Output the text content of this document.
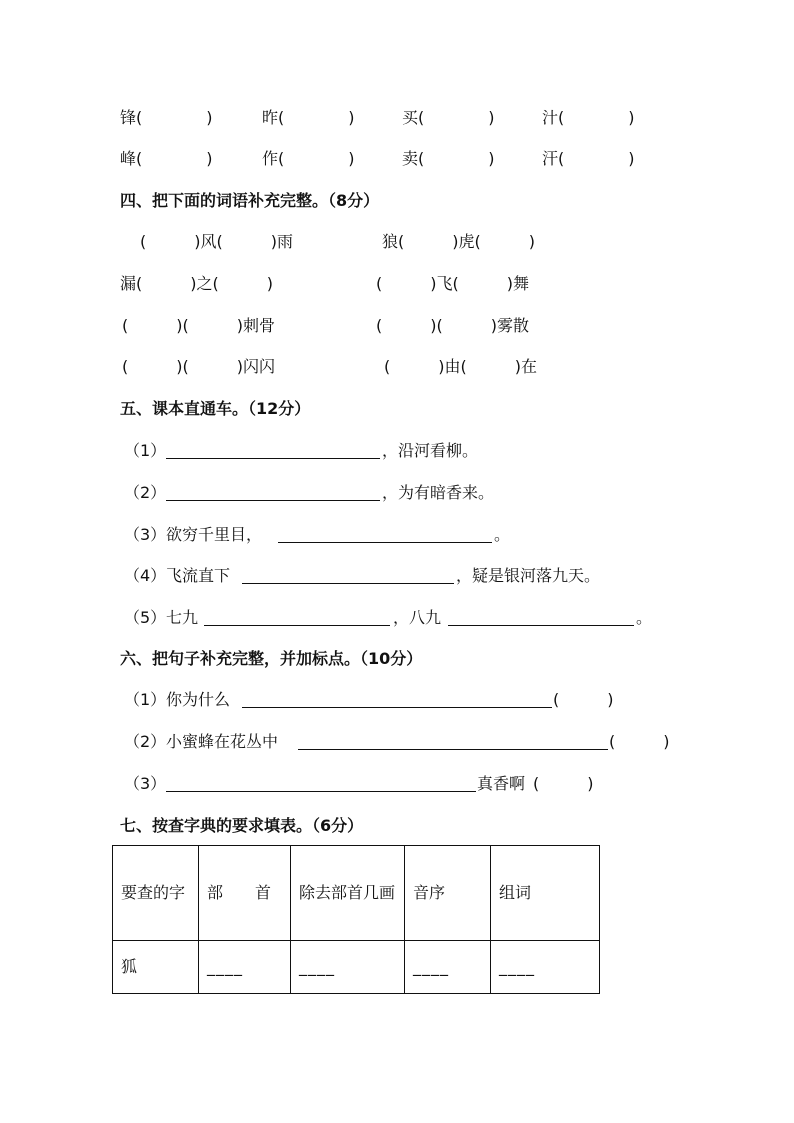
锋(　　　　)	昨(　　　　)	买(　　　　)	汁(　　　　)
峰(　　　　)	作(　　　　)	卖(　　　　)	汗(　　　　)
四、把下面的词语补充完整。（8分）
(　　　)风(　　　)雨	狼(　　　)虎(　　　)
漏(　　　)之(　　　)	(　　　)飞(　　　)舞
(　　　)(　　　)刺骨	(　　　)(　　　)雾散
(　　　)(　　　)闪闪	(　　　)由(　　　)在
五、课本直通车。（12分）
（1）	，沿河看柳。
（2）	，为有暗香来。
（3） 欲穷千里目，	。
（4） 飞流直下	，疑是银河落九天。
（5） 七九	，八九	。
六、把句子补充完整，并加标点。（10分）
（1） 你为什么	(　　　)
（2） 小蜜蜂在花丛中	(　　　)
（3）	真香啊 (　　　)
七、按查字典的要求填表。（6分）
要查的字	部　　首	除去部首几画	音序	组词
狐	____	____	____	____
